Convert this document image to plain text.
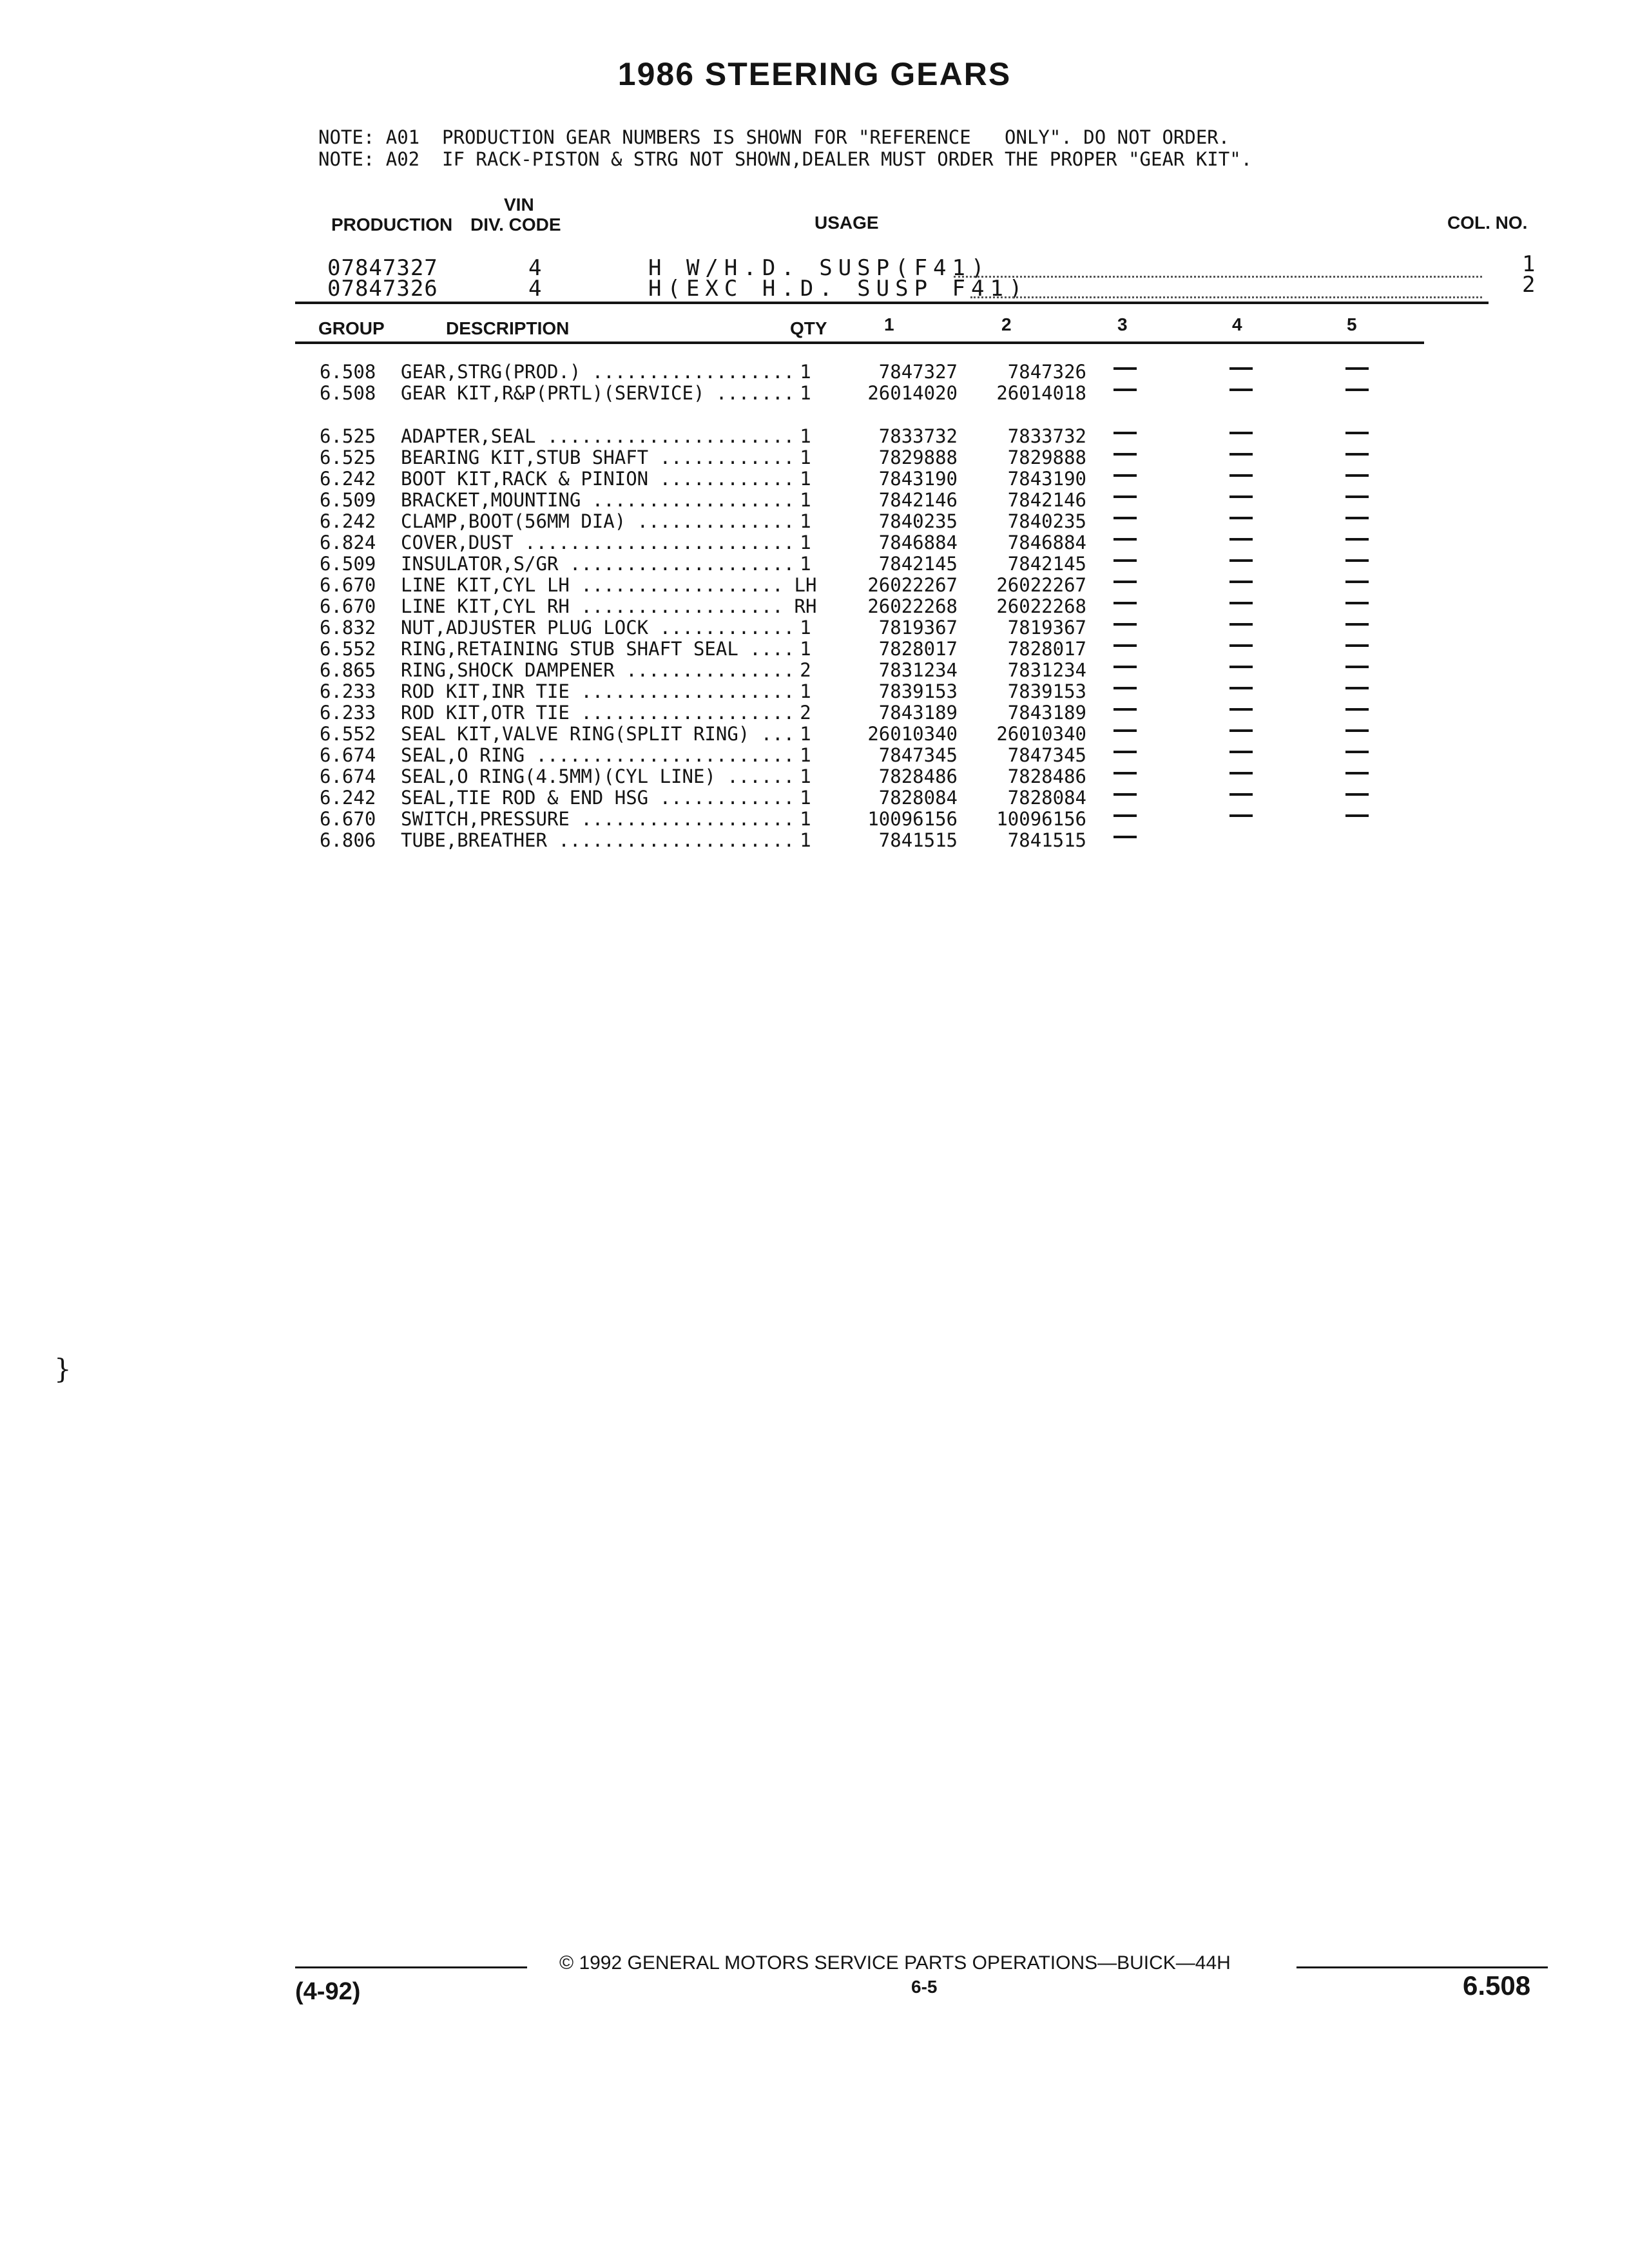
1986 STEERING GEARS
NOTE: A01  PRODUCTION GEAR NUMBERS IS SHOWN FOR "REFERENCE   ONLY". DO NOT ORDER.
NOTE: A02  IF RACK-PISTON & STRG NOT SHOWN,DEALER MUST ORDER THE PROPER "GEAR KIT".
VIN
PRODUCTION DIV. CODE	USAGE	COL. NO.
07847327	4	H W/H.D. SUSP(F41)	1
07847326	4	H(EXC H.D. SUSP F41)	2
GROUP	DESCRIPTION	QTY	1	2	3	4	5
6.508 GEAR,STRG(PROD.) .................. 1	7847327	7847326
6.508 GEAR KIT,R&P(PRTL)(SERVICE) ....... 1	26014020	26014018
6.525 ADAPTER,SEAL ...................... 1	7833732	7833732
6.525 BEARING KIT,STUB SHAFT ............ 1	7829888	7829888
6.242 BOOT KIT,RACK & PINION ............ 1	7843190	7843190
6.509 BRACKET,MOUNTING .................. 1	7842146	7842146
6.242 CLAMP,BOOT(56MM DIA) .............. 1	7840235	7840235
6.824 COVER,DUST ........................ 1	7846884	7846884
6.509 INSULATOR,S/GR .................... 1	7842145	7842145
6.670 LINE KIT,CYL LH .................. LH	26022267	26022267
6.670 LINE KIT,CYL RH .................. RH	26022268	26022268
6.832 NUT,ADJUSTER PLUG LOCK ............ 1	7819367	7819367
6.552 RING,RETAINING STUB SHAFT SEAL .... 1	7828017	7828017
6.865 RING,SHOCK DAMPENER ............... 2	7831234	7831234
6.233 ROD KIT,INR TIE ................... 1	7839153	7839153
6.233 ROD KIT,OTR TIE ................... 2	7843189	7843189
6.552 SEAL KIT,VALVE RING(SPLIT RING) ... 1	26010340	26010340
6.674 SEAL,O RING ....................... 1	7847345	7847345
6.674 SEAL,O RING(4.5MM)(CYL LINE) ...... 1	7828486	7828486
6.242 SEAL,TIE ROD & END HSG ............ 1	7828084	7828084
6.670 SWITCH,PRESSURE ................... 1	10096156	10096156
6.806 TUBE,BREATHER ..................... 1	7841515	7841515
}
© 1992 GENERAL MOTORS SERVICE PARTS OPERATIONS—BUICK—44H
(4-92)	6-5	6.508
